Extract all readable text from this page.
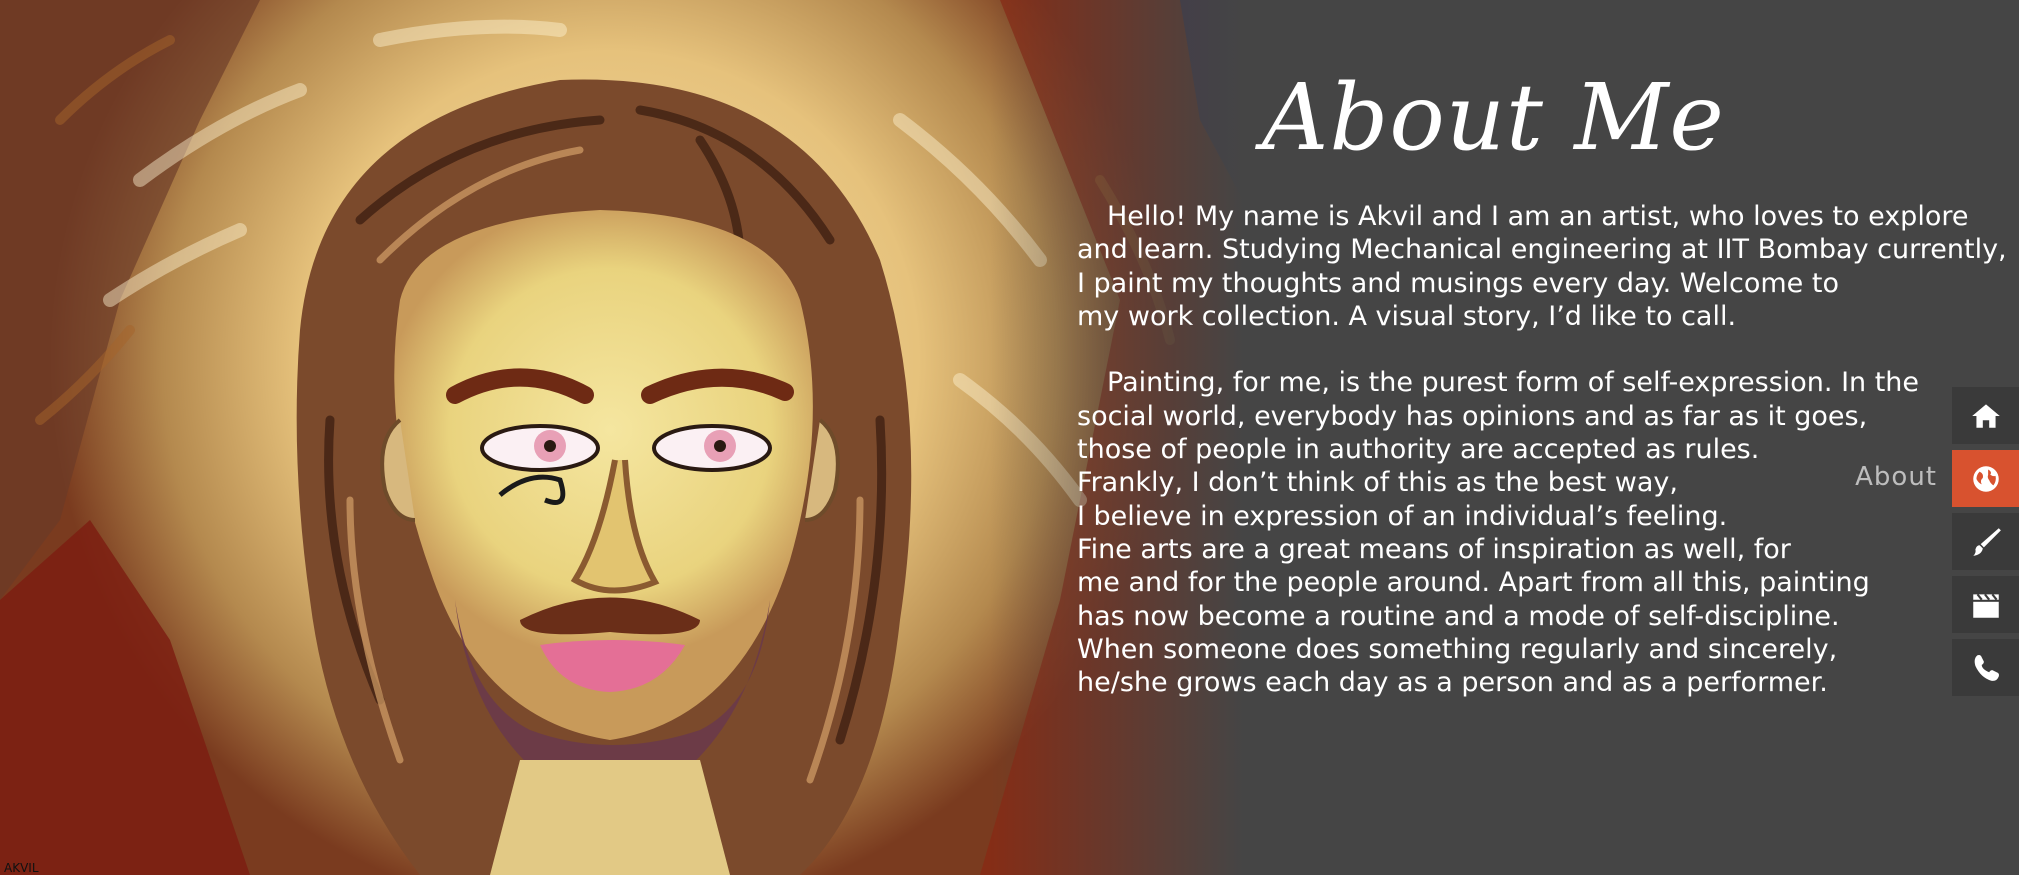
AKVIL
About Me

Hello! My name is Akvil and I am an artist, who loves to explore
and learn. Studying Mechanical engineering at IIT Bombay currently,
I paint my thoughts and musings every day. Welcome to
my work collection. A visual story, I’d like to call.

Painting, for me, is the purest form of self-expression. In the
social world, everybody has opinions and as far as it goes,
those of people in authority are accepted as rules.
Frankly, I don’t think of this as the best way,
I believe in expression of an individual’s feeling.
Fine arts are a great means of inspiration as well, for
me and for the people around. Apart from all this, painting
has now become a routine and a mode of self-discipline.
When someone does something regularly and sincerely,
he/she grows each day as a person and as a performer.

About
